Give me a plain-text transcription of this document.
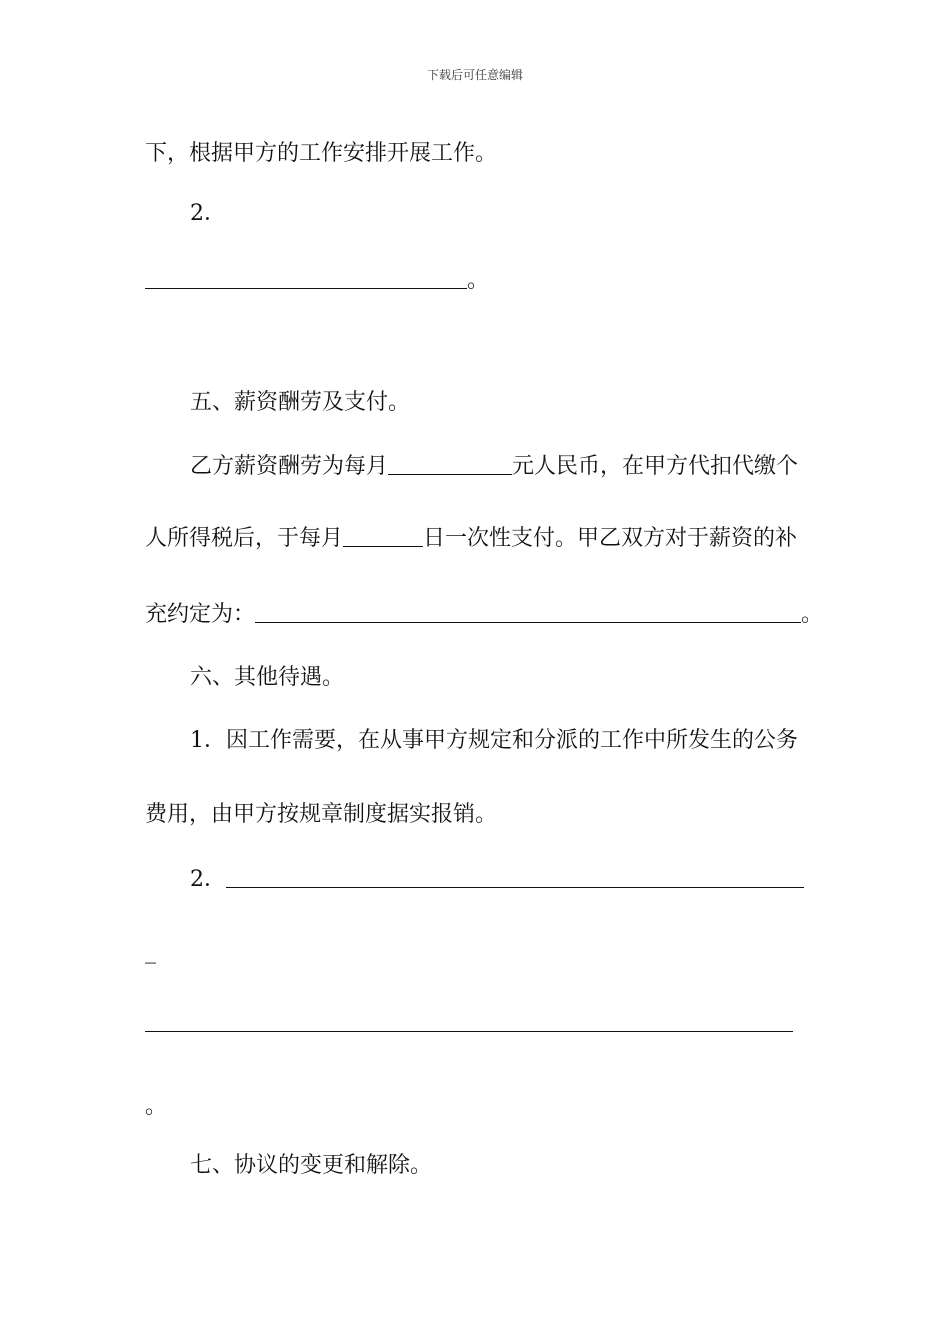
下载后可任意编辑
下，根据甲方的工作安排开展工作。
2．
。
五、薪资酬劳及支付。
乙方薪资酬劳为每月	元人民币，在甲方代扣代缴个
人所得税后，于每月	日一次性支付。甲乙双方对于薪资的补
充约定为：	。
六、其他待遇。
1．因工作需要，在从事甲方规定和分派的工作中所发生的公务
费用，由甲方按规章制度据实报销。
2．
_
。
七、协议的变更和解除。
